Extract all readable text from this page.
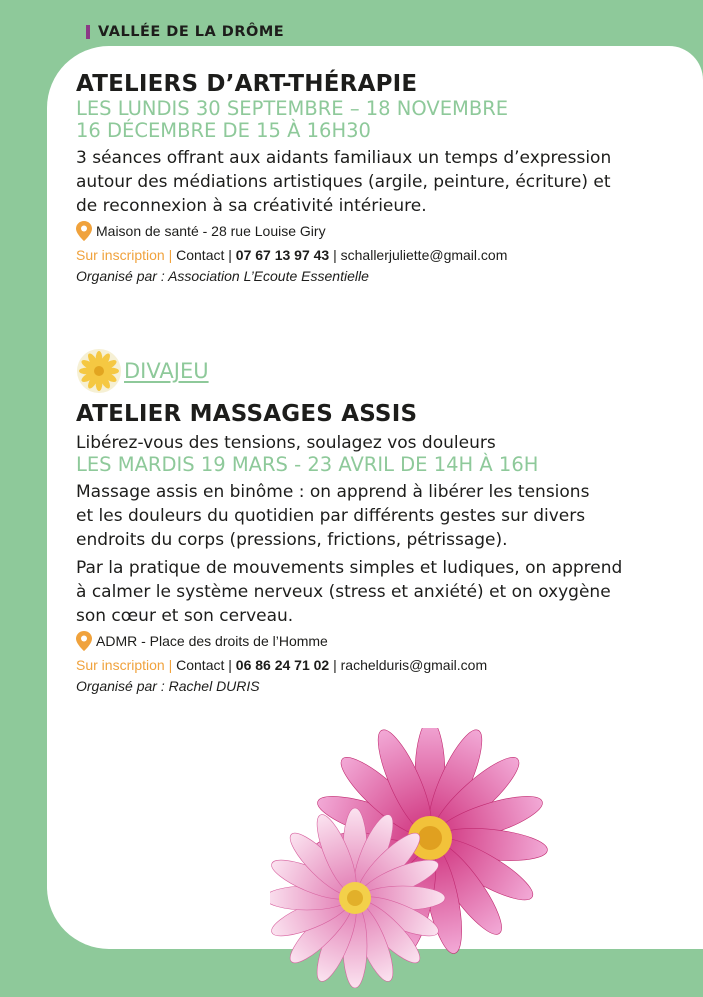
VALLÉE DE LA DRÔME
ATELIERS D’ART-THÉRAPIE
LES LUNDIS 30 SEPTEMBRE – 18 NOVEMBRE
16 DÉCEMBRE DE 15 À 16H30
3 séances offrant aux aidants familiaux un temps d’expression
autour des médiations artistiques (argile, peinture, écriture) et
de reconnexion à sa créativité intérieure.
Maison de santé - 28 rue Louise Giry
Sur inscription | Contact | 07 67 13 97 43 | schallerjuliette@gmail.com
Organisé par : Association L’Ecoute Essentielle
DIVAJEU
ATELIER MASSAGES ASSIS
Libérez-vous des tensions, soulagez vos douleurs
LES MARDIS 19 MARS - 23 AVRIL DE 14H À 16H
Massage assis en binôme : on apprend à libérer les tensions
et les douleurs du quotidien par différents gestes sur divers
endroits du corps (pressions, frictions, pétrissage).
Par la pratique de mouvements simples et ludiques, on apprend
à calmer le système nerveux (stress et anxiété) et on oxygène
son cœur et son cerveau.
ADMR - Place des droits de l’Homme
Sur inscription | Contact | 06 86 24 71 02 | rachelduris@gmail.com
Organisé par : Rachel DURIS
